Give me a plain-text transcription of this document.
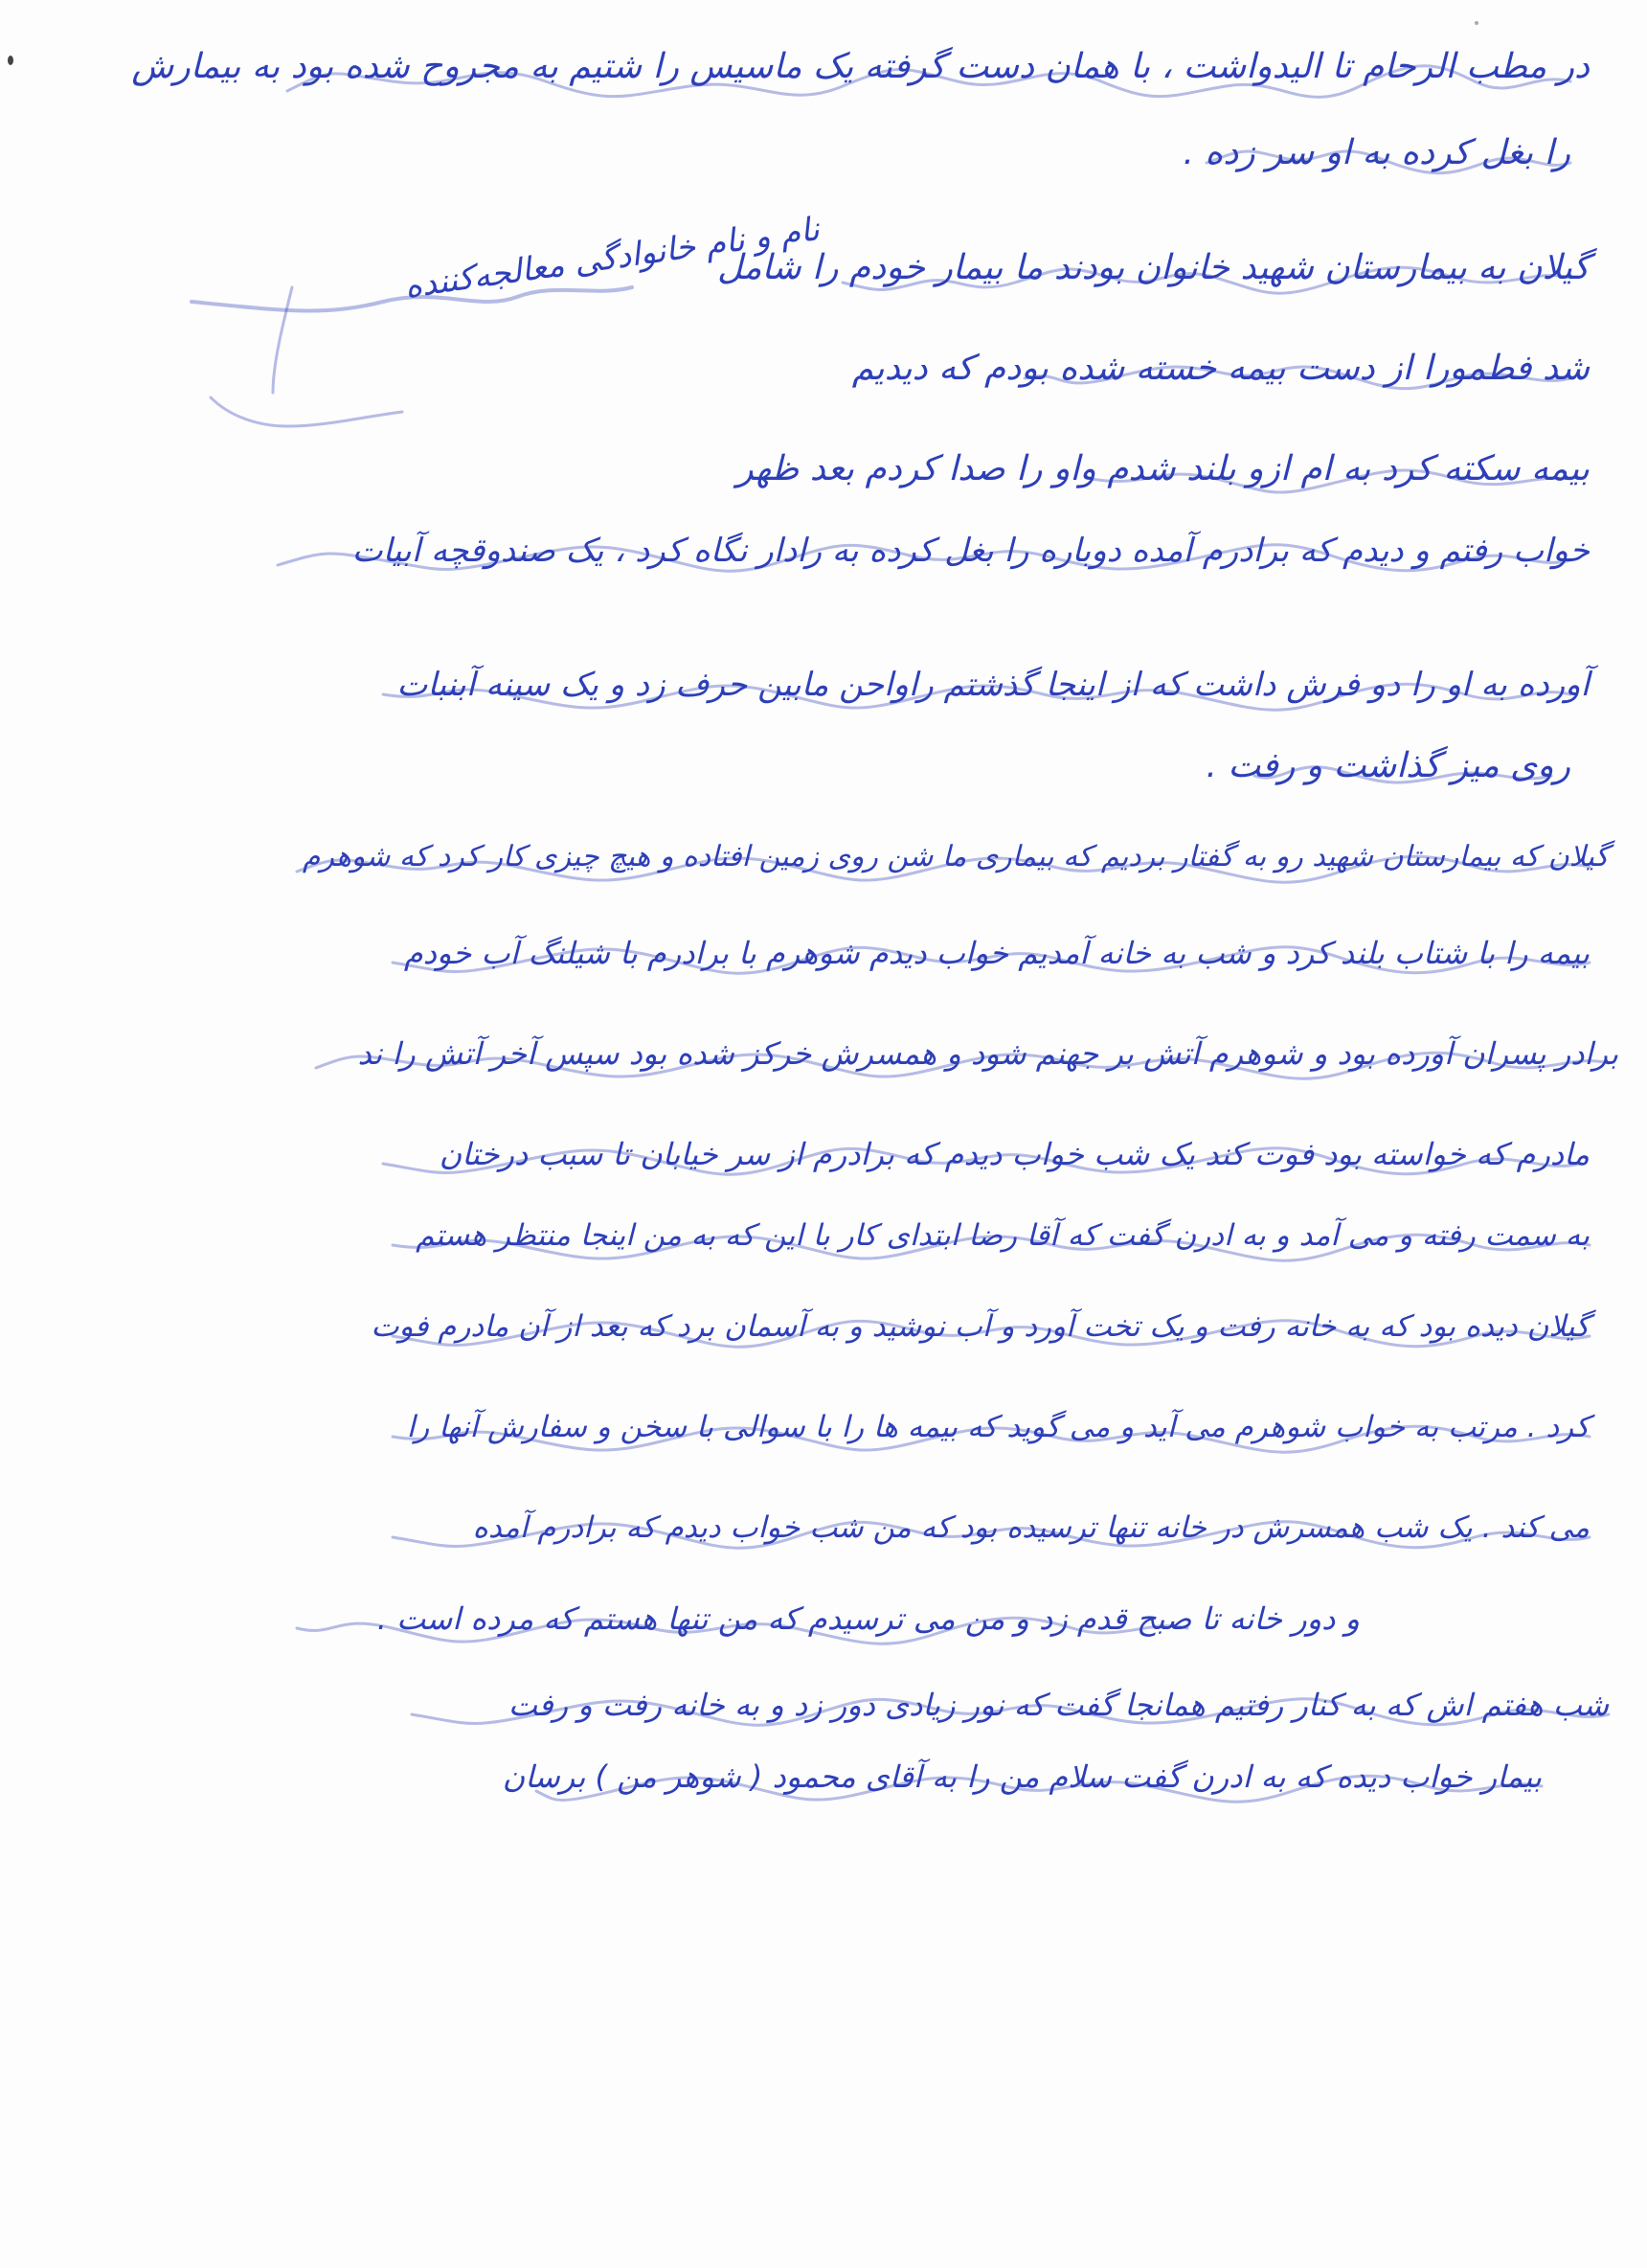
نام و نام خانوادگی معالجه‌کننده
در مطب الرحام تا الیدواشت ، با همان دست گرفته یک ماسیس را شتیم به مجروح شده بود به بیمارش
را بغل کرده به او سر زده .
گیلان به بیمارستان شهید خانوان بودند ما بیمار خودم را شامل
شد فطمورا از دست بیمه خسته شده بودم که دیدیم
بیمه سکته کرد به ام ازو بلند شدم واو را صدا کردم بعد ظهر
خواب رفتم و دیدم که برادرم آمده دوباره را بغل کرده به رادار نگاه کرد ، یک صندوقچه آبیات
آورده به او را دو فرش داشت که از اینجا گذشتم راواحن مابین حرف زد و یک سینه آبنبات
روی میز گذاشت و رفت .
گیلان که بیمارستان شهید رو به گفتار بردیم که بیماری ما شن روی زمین افتاده و هیچ چیزی کار کرد که شوهرم
بیمه را با شتاب بلند کرد و شب به خانه آمدیم خواب دیدم شوهرم با برادرم با شیلنگ آب خودم
برادر پسران آورده بود و شوهرم آتش بر جهنم شود و همسرش خرکز شده بود سپس آخر آتش را ند
مادرم که خواسته بود فوت کند یک شب خواب دیدم که برادرم از سر خیابان تا سبب درختان
به سمت رفته و می آمد و به ادرن گفت که آقا رضا ابتدای کار با این که به من اینجا منتظر هستم
گیلان دیده بود که به خانه رفت و یک تخت آورد و آب نوشید و به آسمان برد که بعد از آن مادرم فوت
کرد . مرتب به خواب شوهرم می آید و می گوید که بیمه ها را با سوالی با سخن و سفارش آنها را
می کند . یک شب همسرش در خانه تنها ترسیده بود که من شب خواب دیدم که برادرم آمده
و دور خانه تا صبح قدم زد و من می ترسیدم که من تنها هستم که مرده است .
شب هفتم اش که به کنار رفتیم همانجا گفت که نور زیادی دور زد و به خانه رفت و رفت
بیمار خواب دیده که به ادرن گفت سلام من را به آقای محمود ( شوهر من ) برسان
